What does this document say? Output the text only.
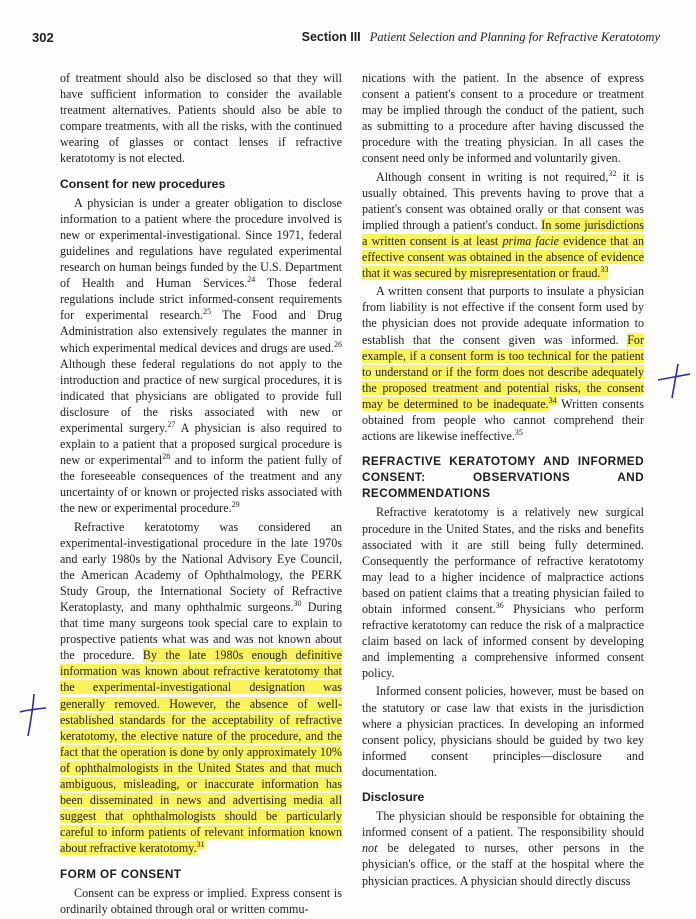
302	Section III Patient Selection and Planning for Refractive Keratotomy

of treatment should also be disclosed so that they will have sufficient information to consider the available treatment alternatives. Patients should also be able to compare treatments, with all the risks, with the continued wearing of glasses or contact lenses if refractive keratotomy is not elected.

Consent for new procedures

A physician is under a greater obligation to disclose information to a patient where the procedure involved is new or experimental-investigational. Since 1971, federal guidelines and regulations have regulated experimental research on human beings funded by the U.S. Department of Health and Human Services.$^{24}$ Those federal regulations include strict informed-consent requirements for experimental research.$^{25}$ The Food and Drug Administration also extensively regulates the manner in which experimental medical devices and drugs are used.$^{26}$ Although these federal regulations do not apply to the introduction and practice of new surgical procedures, it is indicated that physicians are obligated to provide full disclosure of the risks associated with new or experimental surgery.$^{27}$ A physician is also required to explain to a patient that a proposed surgical procedure is new or experimental$^{28}$ and to inform the patient fully of the foreseeable consequences of the treatment and any uncertainty of or known or projected risks associated with the new or experimental procedure.$^{29}$

Refractive keratotomy was considered an experimental-investigational procedure in the late 1970s and early 1980s by the National Advisory Eye Council, the American Academy of Ophthalmology, the PERK Study Group, the International Society of Refractive Keratoplasty, and many ophthalmic surgeons.$^{30}$ During that time many surgeons took special care to explain to prospective patients what was and was not known about the procedure. By the late 1980s enough definitive information was known about refractive keratotomy that the experimental-investigational designation was generally removed. However, the absence of well-established standards for the acceptability of refractive keratotomy, the elective nature of the procedure, and the fact that the operation is done by only approximately 10% of ophthalmologists in the United States and that much ambiguous, misleading, or inaccurate information has been disseminated in news and advertising media all suggest that ophthalmologists should be particularly careful to inform patients of relevant information known about refractive keratotomy.$^{31}$

FORM OF CONSENT

Consent can be express or implied. Express consent is ordinarily obtained through oral or written commu-

nications with the patient. In the absence of express consent a patient's consent to a procedure or treatment may be implied through the conduct of the patient, such as submitting to a procedure after having discussed the procedure with the treating physician. In all cases the consent need only be informed and voluntarily given.

Although consent in writing is not required,$^{32}$ it is usually obtained. This prevents having to prove that a patient's consent was obtained orally or that consent was implied through a patient's conduct. In some jurisdictions a written consent is at least prima facie evidence that an effective consent was obtained in the absence of evidence that it was secured by misrepresentation or fraud.$^{33}$

A written consent that purports to insulate a physician from liability is not effective if the consent form used by the physician does not provide adequate information to establish that the consent given was informed. For example, if a consent form is too technical for the patient to understand or if the form does not describe adequately the proposed treatment and potential risks, the consent may be determined to be inadequate.$^{34}$ Written consents obtained from people who cannot comprehend their actions are likewise ineffective.$^{35}$

REFRACTIVE KERATOTOMY AND INFORMED CONSENT: OBSERVATIONS AND RECOMMENDATIONS

Refractive keratotomy is a relatively new surgical procedure in the United States, and the risks and benefits associated with it are still being fully determined. Consequently the performance of refractive keratotomy may lead to a higher incidence of malpractice actions based on patient claims that a treating physician failed to obtain informed consent.$^{36}$ Physicians who perform refractive keratotomy can reduce the risk of a malpractice claim based on lack of informed consent by developing and implementing a comprehensive informed consent policy.

Informed consent policies, however, must be based on the statutory or case law that exists in the jurisdiction where a physician practices. In developing an informed consent policy, physicians should be guided by two key informed consent principles—disclosure and documentation.

Disclosure

The physician should be responsible for obtaining the informed consent of a patient. The responsibility should not be delegated to nurses, other persons in the physician's office, or the staff at the hospital where the physician practices. A physician should directly discuss
